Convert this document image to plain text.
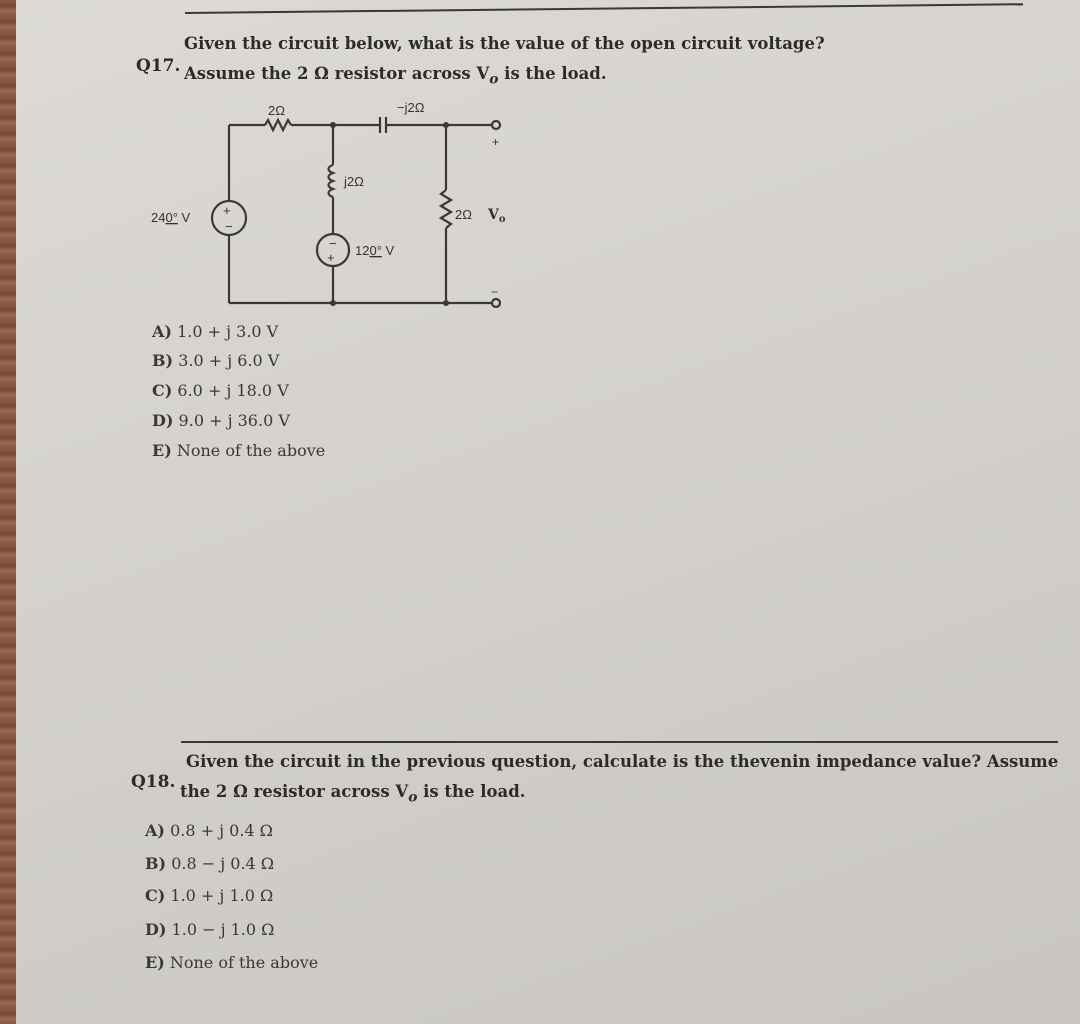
Q17.
Given the circuit below, what is the value of the open circuit voltage?
Assume the 2 Ω resistor across $V_o$ is the load.
2Ω	−j2Ω
j2Ω
+
−
240° V
−
+ 120° V
2Ω $V_o$
+
−
A) 1.0 + j 3.0 V
B) 3.0 + j 6.0 V
C) 6.0 + j 18.0 V
D) 9.0 + j 36.0 V
E) None of the above
Q18.
Given the circuit in the previous question, calculate is the thevenin impedance value? Assume
the 2 Ω resistor across $V_o$ is the load.
A) 0.8 + j 0.4 Ω
B) 0.8 − j 0.4 Ω
C) 1.0 + j 1.0 Ω
D) 1.0 − j 1.0 Ω
E) None of the above
